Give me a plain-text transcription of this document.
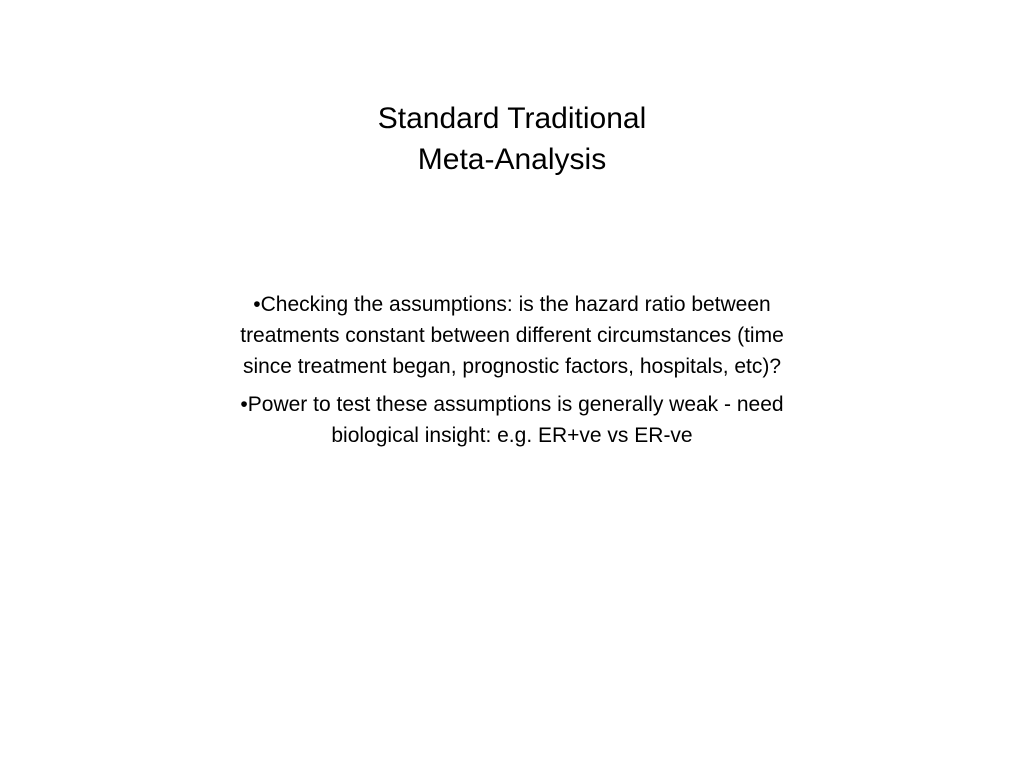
Standard Traditional
Meta-Analysis
•Checking the assumptions: is the hazard ratio between
treatments constant between different circumstances (time
since treatment began, prognostic factors, hospitals, etc)?
•Power to test these assumptions is generally weak - need
biological insight: e.g. ER+ve vs ER-ve
